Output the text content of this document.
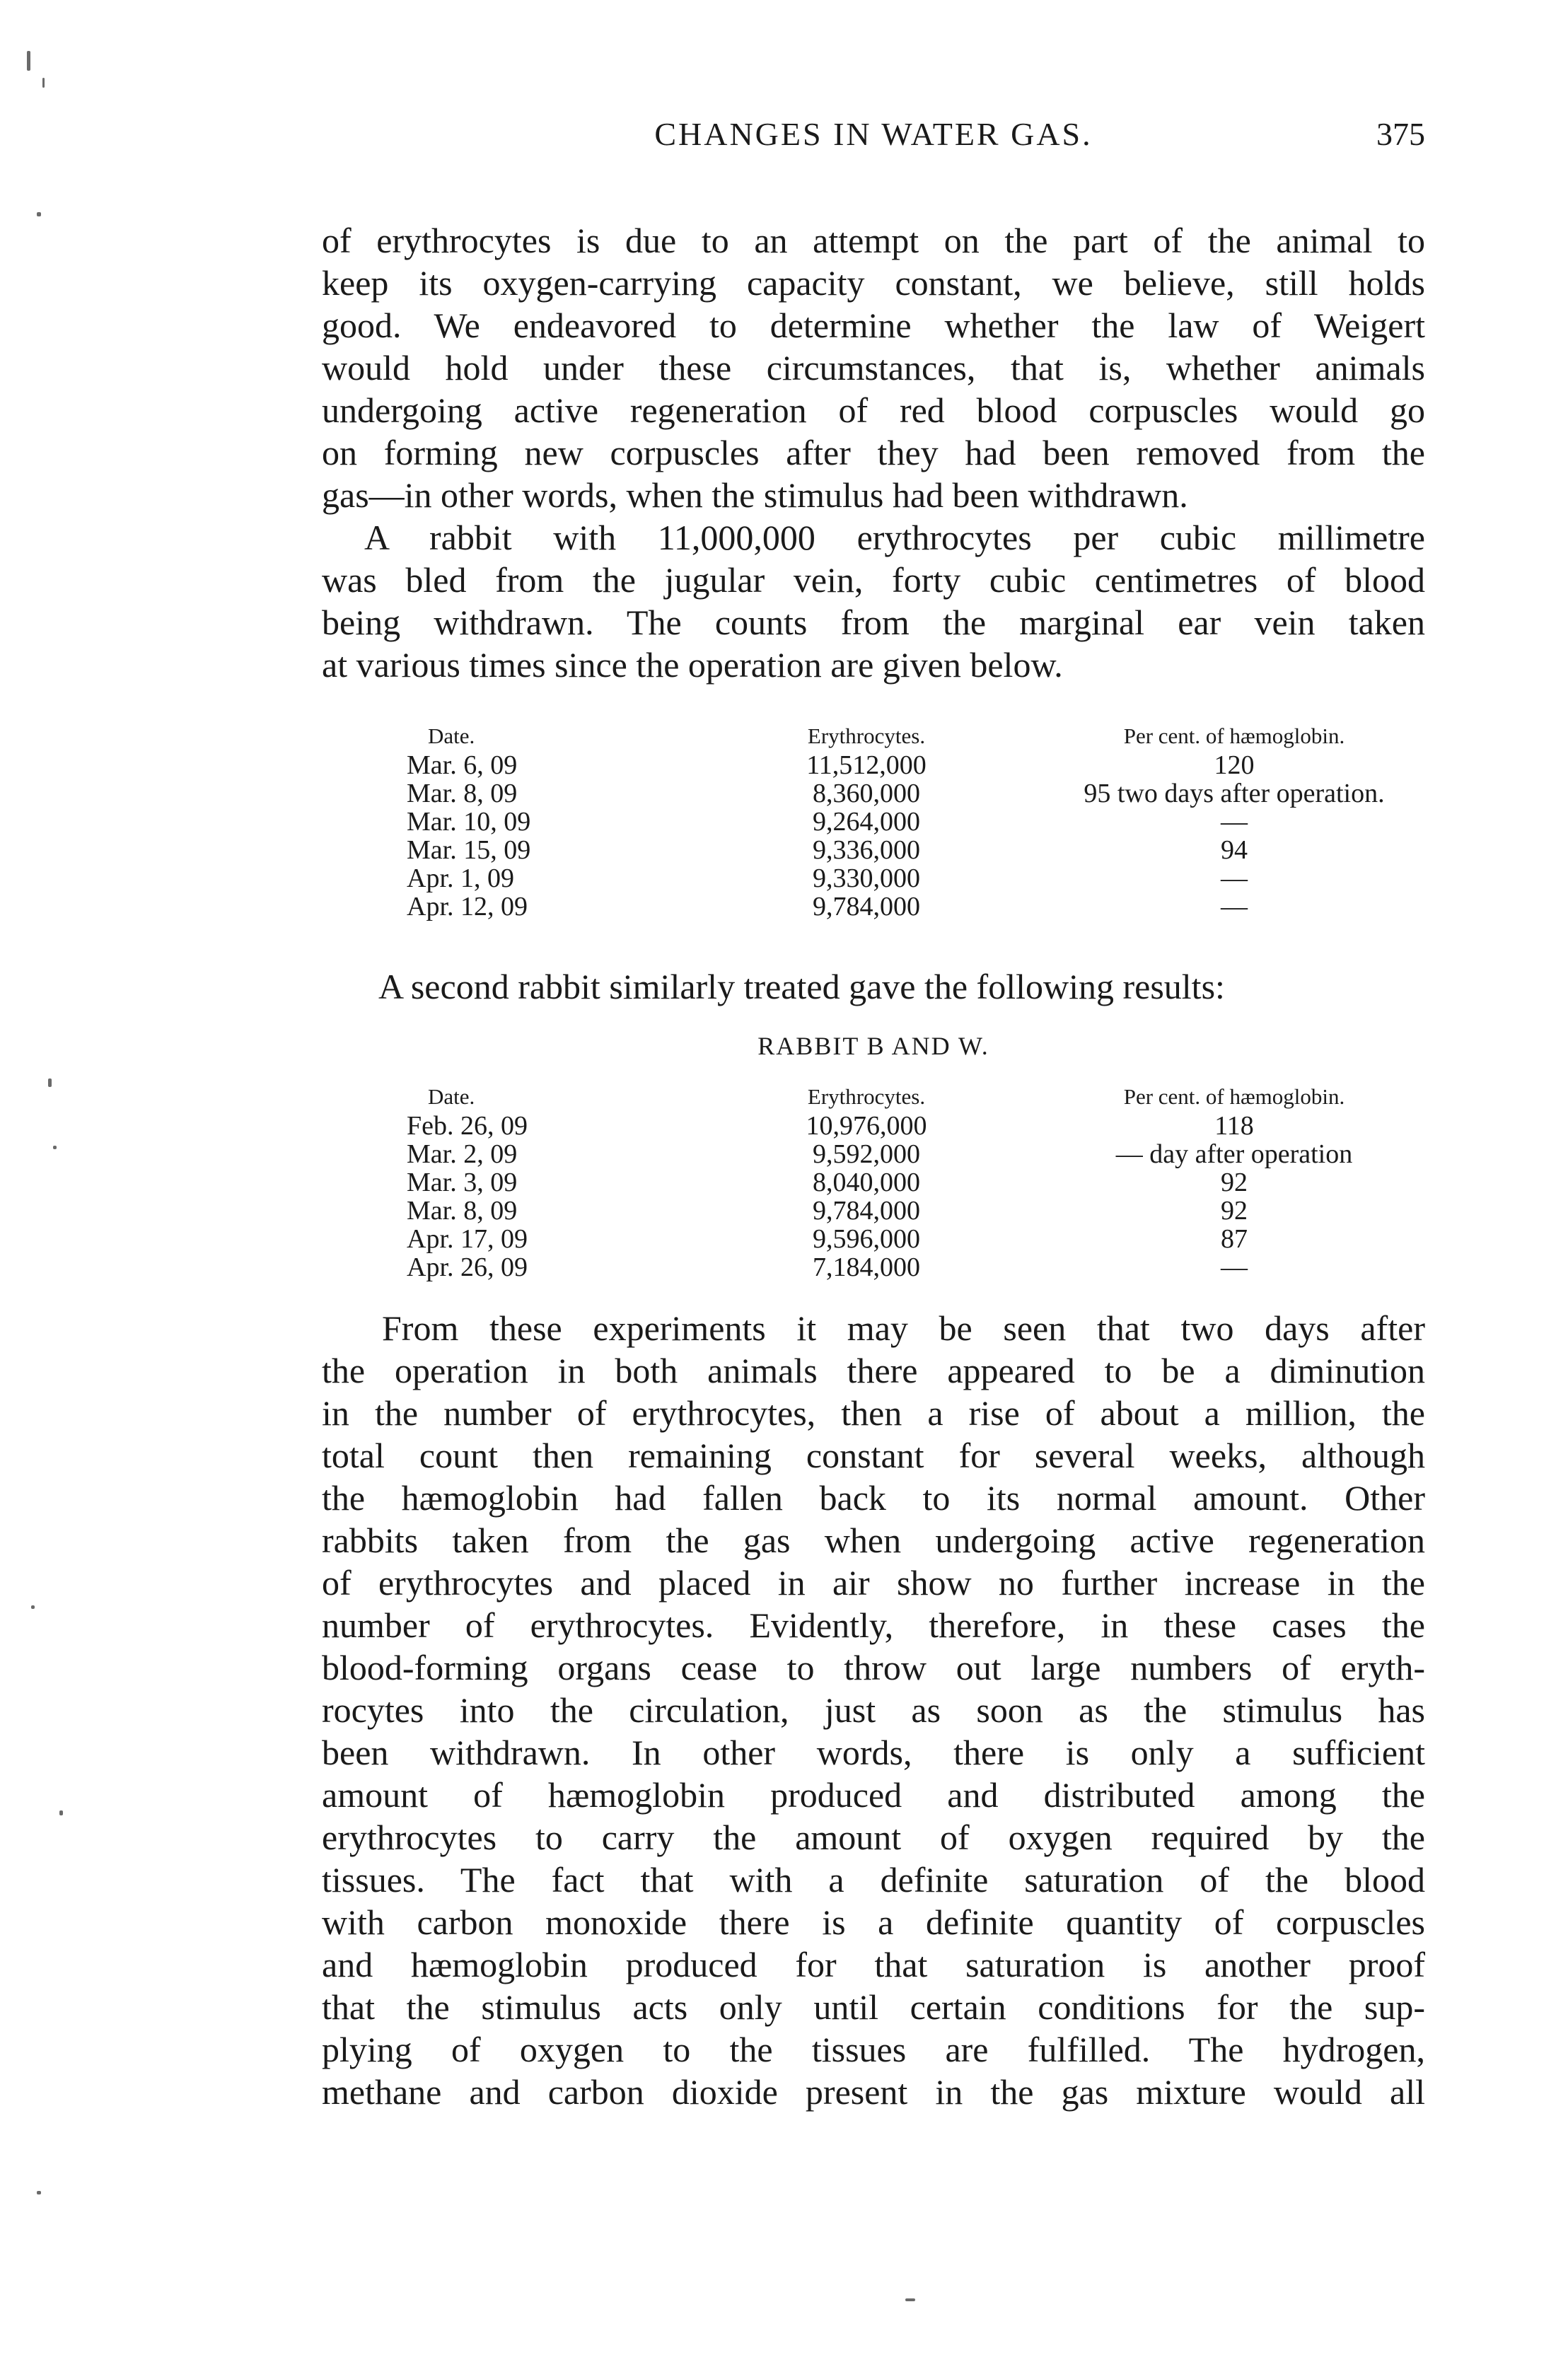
CHANGES IN WATER GAS.	375
of erythrocytes is due to an attempt on the part of the animal to
keep its oxygen-carrying capacity constant, we believe, still holds
good. We endeavored to determine whether the law of Weigert
would hold under these circumstances, that is, whether animals
undergoing active regeneration of red blood corpuscles would go
on forming new corpuscles after they had been removed from the
gas—in other words, when the stimulus had been withdrawn.
A rabbit with 11,000,000 erythrocytes per cubic millimetre
was bled from the jugular vein, forty cubic centimetres of blood
being withdrawn. The counts from the marginal ear vein taken
at various times since the operation are given below.
Date.	Erythrocytes.	Per cent. of hæmoglobin.
Mar. 6, 09	11,512,000	120
Mar. 8, 09	8,360,000	95 two days after operation.
Mar. 10, 09	9,264,000	—
Mar. 15, 09	9,336,000	94
Apr. 1, 09	9,330,000	—
Apr. 12, 09	9,784,000	—
A second rabbit similarly treated gave the following results:
RABBIT B AND W.
Date.	Erythrocytes.	Per cent. of hæmoglobin.
Feb. 26, 09	10,976,000	118
Mar. 2, 09	9,592,000	— day after operation
Mar. 3, 09	8,040,000	92
Mar. 8, 09	9,784,000	92
Apr. 17, 09	9,596,000	87
Apr. 26, 09	7,184,000	—
From these experiments it may be seen that two days after
the operation in both animals there appeared to be a diminution
in the number of erythrocytes, then a rise of about a million, the
total count then remaining constant for several weeks, although
the hæmoglobin had fallen back to its normal amount. Other
rabbits taken from the gas when undergoing active regeneration
of erythrocytes and placed in air show no further increase in the
number of erythrocytes. Evidently, therefore, in these cases the
blood-forming organs cease to throw out large numbers of eryth-
rocytes into the circulation, just as soon as the stimulus has
been withdrawn. In other words, there is only a sufficient
amount of hæmoglobin produced and distributed among the
erythrocytes to carry the amount of oxygen required by the
tissues. The fact that with a definite saturation of the blood
with carbon monoxide there is a definite quantity of corpuscles
and hæmoglobin produced for that saturation is another proof
that the stimulus acts only until certain conditions for the sup-
plying of oxygen to the tissues are fulfilled. The hydrogen,
methane and carbon dioxide present in the gas mixture would all
